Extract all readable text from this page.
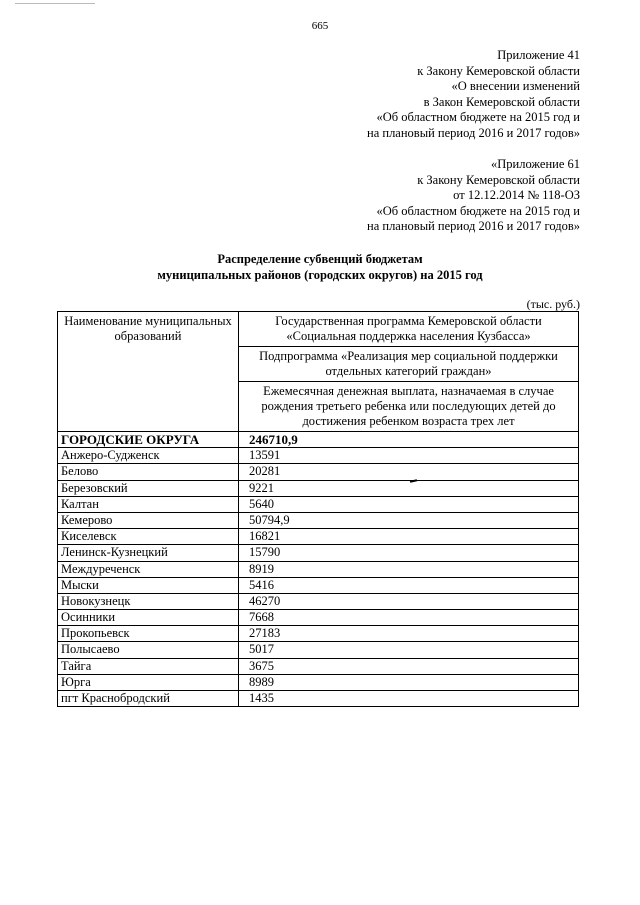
665
Приложение 41
к Закону Кемеровской области
«О внесении изменений
в Закон Кемеровской области
«Об областном бюджете на 2015 год и
на плановый период 2016 и 2017 годов»
«Приложение 61
к Закону Кемеровской области
от 12.12.2014 № 118-ОЗ
«Об областном бюджете на 2015 год и
на плановый период 2016 и 2017 годов»
Распределение субвенций бюджетам
муниципальных районов (городских округов) на 2015 год
(тыс. руб.)
Наименование муниципальных образований	Государственная программа Кемеровской области «Социальная поддержка населения Кузбасса»
	Подпрограмма «Реализация мер социальной поддержки отдельных категорий граждан»
	Ежемесячная денежная выплата, назначаемая в случае рождения третьего ребенка или последующих детей до достижения ребенком возраста трех лет
ГОРОДСКИЕ ОКРУГА	246710,9
Анжеро-Судженск	13591
Белово	20281
Березовский	9221
Калтан	5640
Кемерово	50794,9
Киселевск	16821
Ленинск-Кузнецкий	15790
Междуреченск	8919
Мыски	5416
Новокузнецк	46270
Осинники	7668
Прокопьевск	27183
Полысаево	5017
Тайга	3675
Юрга	8989
пгт Краснобродский	1435
